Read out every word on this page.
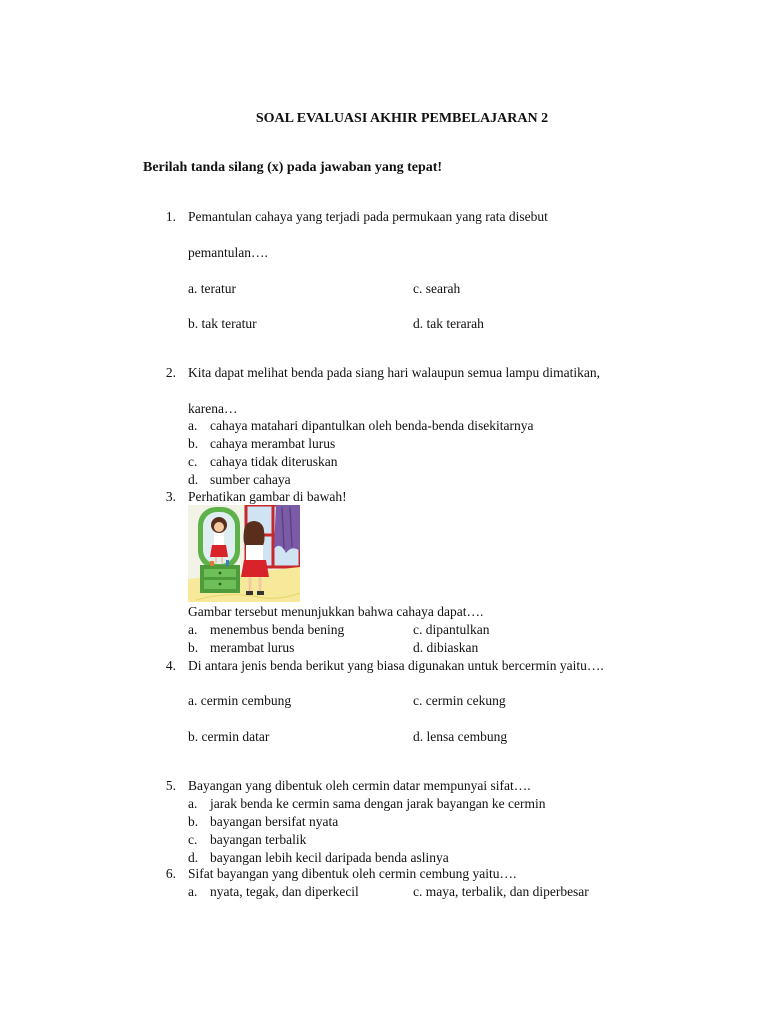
SOAL EVALUASI AKHIR PEMBELAJARAN 2
Berilah tanda silang (x) pada jawaban yang tepat!
1. Pemantulan cahaya yang terjadi pada permukaan yang rata disebut
pemantulan….
a. teratur	c. searah
b. tak teratur	d. tak terarah
2. Kita dapat melihat benda pada siang hari walaupun semua lampu dimatikan,
karena…
a. cahaya matahari dipantulkan oleh benda-benda disekitarnya
b. cahaya merambat lurus
c. cahaya tidak diteruskan
d. sumber cahaya
3. Perhatikan gambar di bawah!
Gambar tersebut menunjukkan bahwa cahaya dapat….
a. menembus benda bening	c. dipantulkan
b. merambat lurus	d. dibiaskan
4. Di antara jenis benda berikut yang biasa digunakan untuk bercermin yaitu….
a. cermin cembung	c. cermin cekung
b. cermin datar	d. lensa cembung
5. Bayangan yang dibentuk oleh cermin datar mempunyai sifat….
a. jarak benda ke cermin sama dengan jarak bayangan ke cermin
b. bayangan bersifat nyata
c. bayangan terbalik
d. bayangan lebih kecil daripada benda aslinya
6. Sifat bayangan yang dibentuk oleh cermin cembung yaitu….
a. nyata, tegak, dan diperkecil	c. maya, terbalik, dan diperbesar
